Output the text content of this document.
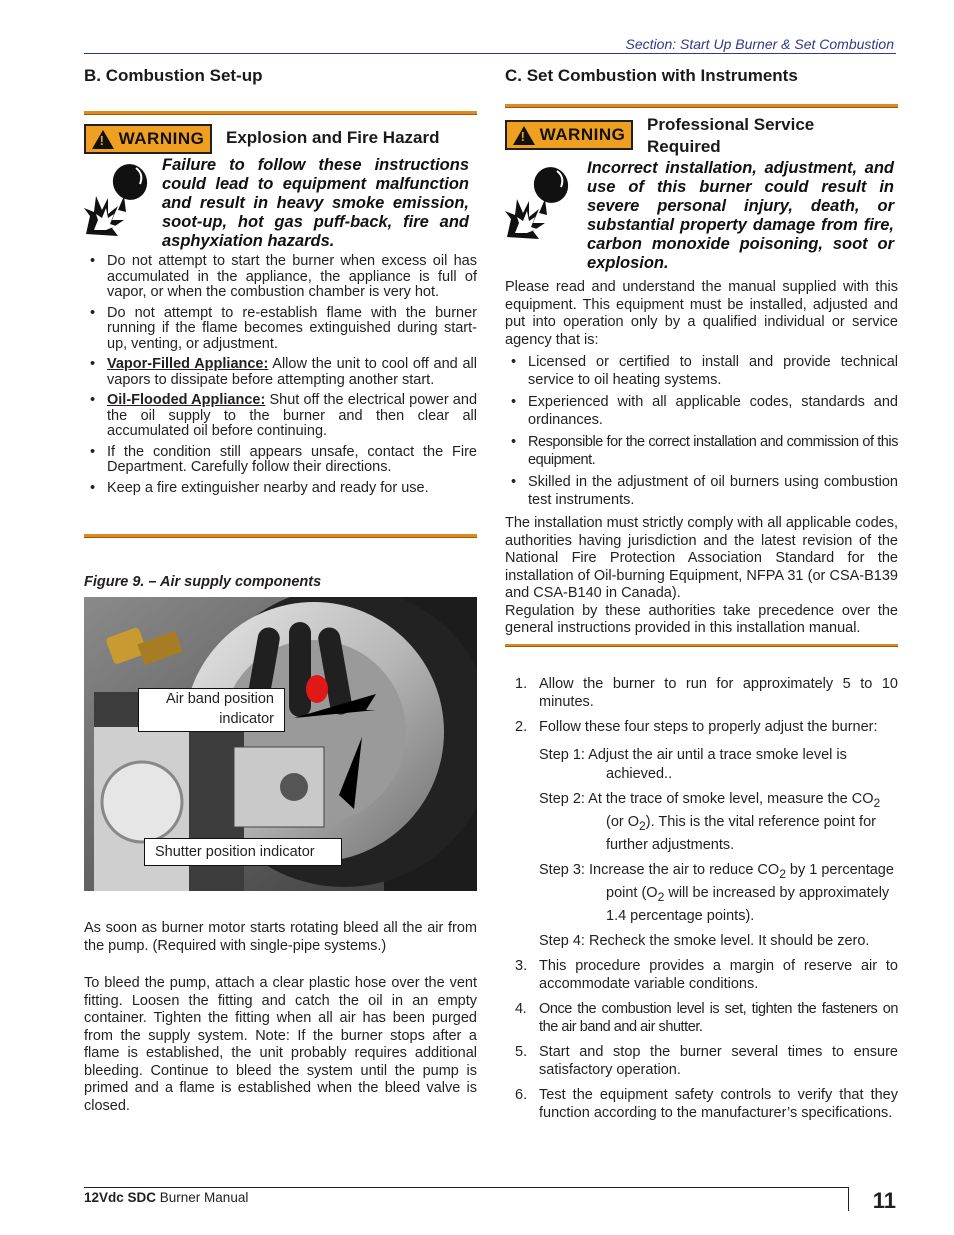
Section: Start Up Burner & Set Combustion
B. Combustion Set-up
!
WARNING Explosion and Fire Hazard
Failure to follow these instructions could lead to equipment malfunction and result in heavy smoke emission, soot-up, hot gas puff-back, fire and asphyxiation hazards.
• Do not attempt to start the burner when excess oil has accumulated in the appliance, the appliance is full of vapor, or when the combustion chamber is very hot.
• Do not attempt to re-establish flame with the burner running if the flame becomes extinguished during start-up, venting, or adjustment.
• Vapor-Filled Appliance: Allow the unit to cool off and all vapors to dissipate before attempting another start.
• Oil-Flooded Appliance: Shut off the electrical power and the oil supply to the burner and then clear all accumulated oil before continuing.
• If the condition still appears unsafe, contact the Fire Department. Carefully follow their directions.
• Keep a fire extinguisher nearby and ready for use.
Figure 9. – Air supply components
Air band position
indicator
Shutter position indicator
As soon as burner motor starts rotating bleed all the air from the pump. (Required with single-pipe systems.)
To bleed the pump, attach a clear plastic hose over the vent fitting. Loosen the fitting and catch the oil in an empty container. Tighten the fitting when all air has been purged from the supply system. Note: If the burner stops after a flame is established, the unit probably requires additional bleeding. Continue to bleed the system until the pump is primed and a flame is established when the bleed valve is closed.
C. Set Combustion with Instruments
!
WARNING
Professional Service Required
Incorrect installation, adjustment, and use of this burner could result in severe personal injury, death, or substantial property damage from fire, carbon monoxide poisoning, soot or explosion.
Please read and understand the manual supplied with this equipment. This equipment must be installed, adjusted and put into operation only by a qualified individual or service agency that is:
• Licensed or certified to install and provide technical service to oil heating systems.
• Experienced with all applicable codes, standards and ordinances.
• Responsible for the correct installation and commission of this equipment.
• Skilled in the adjustment of oil burners using combustion test instruments.
The installation must strictly comply with all applicable codes, authorities having jurisdiction and the latest revision of the National Fire Protection Association Standard for the installation of Oil-burning Equipment, NFPA 31 (or CSA-B139 and CSA-B140 in Canada).
Regulation by these authorities take precedence over the general instructions provided in this installation manual.
1. Allow the burner to run for approximately 5 to 10 minutes.
2. Follow these four steps to properly adjust the burner:
Step 1: Adjust the air until a trace smoke level is achieved..
Step 2: At the trace of smoke level, measure the $CO_2$ (or $O_2$). This is the vital reference point for further adjustments.
Step 3: Increase the air to reduce $CO_2$ by 1 percentage point ($O_2$ will be increased by approximately 1.4 percentage points).
Step 4: Recheck the smoke level. It should be zero.
3. This procedure provides a margin of reserve air to accommodate variable conditions.
4. Once the combustion level is set, tighten the fasteners on the air band and air shutter.
5. Start and stop the burner several times to ensure satisfactory operation.
6. Test the equipment safety controls to verify that they function according to the manufacturer’s specifications.
12Vdc SDC Burner Manual	11
